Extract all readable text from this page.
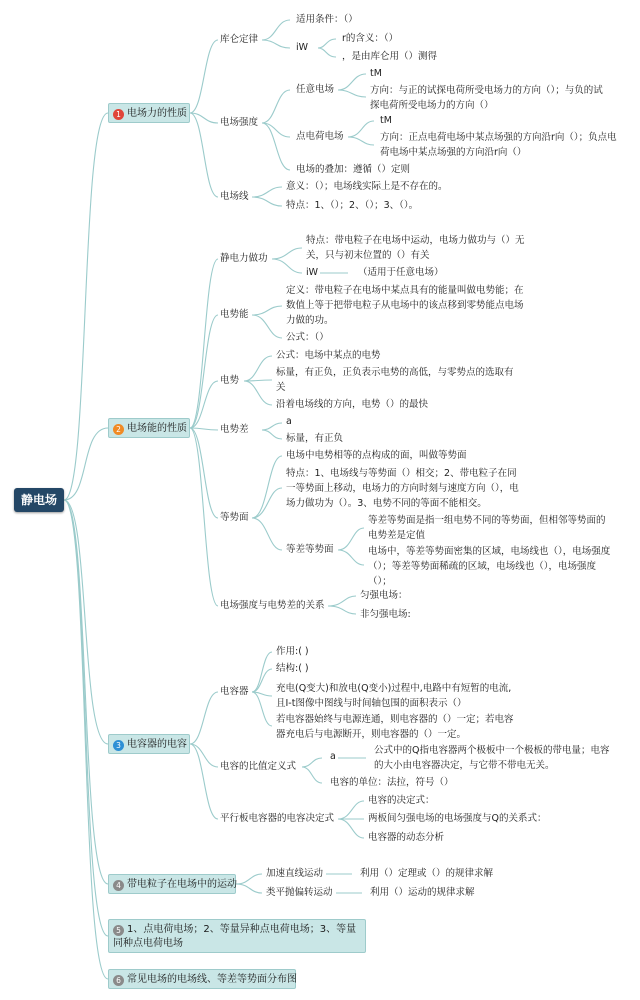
静电场
1 电场力的性质
库仑定律
适用条件：（）
iW
r的含义：（）
，是由库仑用（）测得
电场强度
任意电场
tM
方向：与正的试探电荷所受电场力的方向（）；与负的试探电荷所受电场力的方向（）
点电荷电场
tM
方向：正点电荷电场中某点场强的方向沿r向（）；负点电荷电场中某点场强的方向沿r向（）
电场的叠加：遵循（）定则
电场线
意义：（）；电场线实际上是不存在的。
特点：1、（）；2、（）；3、（）。
2 电场能的性质
静电力做功
特点：带电粒子在电场中运动，电场力做功与（）无关，只与初末位置的（）有关
iW	（适用于任意电场）
电势能
定义：带电粒子在电场中某点具有的能量叫做电势能；在数值上等于把带电粒子从电场中的该点移到零势能点电场力做的功。
公式：（）
电势
公式：电场中某点的电势
标量，有正负，正负表示电势的高低，与零势点的选取有关
沿着电场线的方向，电势（）的最快
电势差
a
标量，有正负
等势面
电场中电势相等的点构成的面，叫做等势面
特点：1、电场线与等势面（）相交；2、带电粒子在同一等势面上移动，电场力的方向时刻与速度方向（），电场力做功为（）。3、电势不同的等面不能相交。
等差等势面
等差等势面是指一组电势不同的等势面，但相邻等势面的电势差是定值
电场中，等差等势面密集的区域，电场线也（），电场强度（）；等差等势面稀疏的区域，电场线也（），电场强度（）；
电场强度与电势差的关系
匀强电场：
非匀强电场:
3 电容器的电容
电容器
作用:( )
结构:( )
充电(Q变大)和放电(Q变小)过程中,电路中有短暂的电流,且I-t图像中图线与时间轴包围的面积表示（）
若电容器始终与电源连通，则电容器的（）一定；若电容器充电后与电源断开，则电容器的（）一定。
电容的比值定义式
a
公式中的Q指电容器两个极板中一个极板的带电量；电容的大小由电容器决定，与它带不带电无关。
电容的单位：法拉，符号（）
平行板电容器的电容决定式
电容的决定式：
两板间匀强电场的电场强度与Q的关系式：
电容器的动态分析
4 带电粒子在电场中的运动
加速直线运动	利用（）定理或（）的规律求解
类平抛偏转运动	利用（）运动的规律求解
5 1、点电荷电场；2、等量异种点电荷电场；3、等量同种点电荷电场
6 常见电场的电场线、等差等势面分布图
